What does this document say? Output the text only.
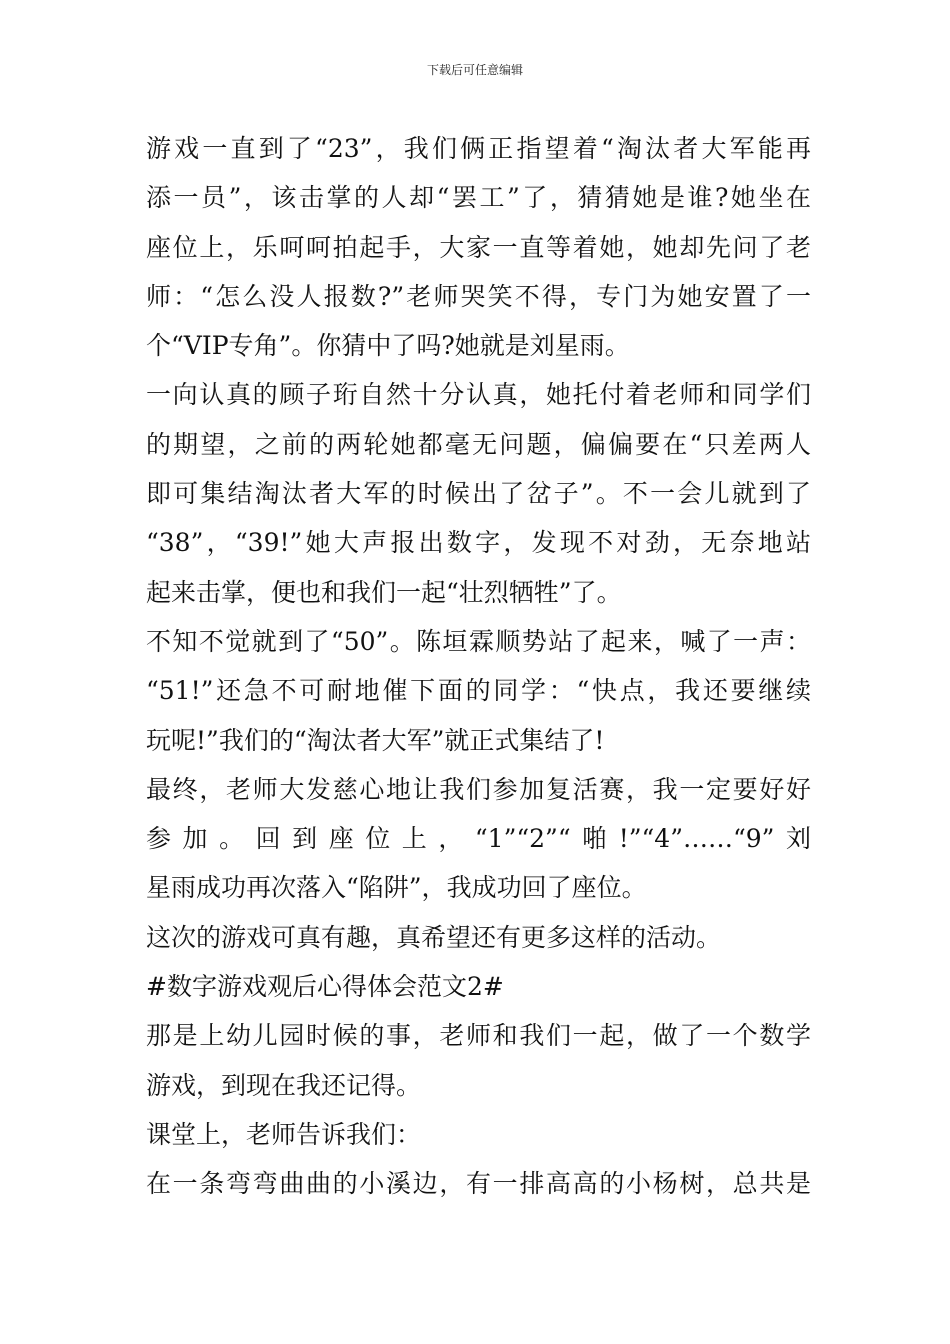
下载后可任意编辑
游戏一直到了“23”，我们俩正指望着“淘汰者大军能再
添一员”，该击掌的人却“罢工”了，猜猜她是谁?她坐在
座位上，乐呵呵拍起手，大家一直等着她，她却先问了老
师：“怎么没人报数?”老师哭笑不得，专门为她安置了一
个“VIP专角”。你猜中了吗?她就是刘星雨。
一向认真的顾子珩自然十分认真，她托付着老师和同学们
的期望，之前的两轮她都毫无问题，偏偏要在“只差两人
即可集结淘汰者大军的时候出了岔子”。不一会儿就到了
“38”，“39!”她大声报出数字，发现不对劲，无奈地站
起来击掌，便也和我们一起“壮烈牺牲”了。
不知不觉就到了“50”。陈垣霖顺势站了起来，喊了一声：
“51!”还急不可耐地催下面的同学：“快点，我还要继续
玩呢!”我们的“淘汰者大军”就正式集结了!
最终，老师大发慈心地让我们参加复活赛，我一定要好好
参加。回到座位上，“1”“2”“啪!”“4”……“9”刘
星雨成功再次落入“陷阱”，我成功回了座位。
这次的游戏可真有趣，真希望还有更多这样的活动。
#数字游戏观后心得体会范文2#
那是上幼儿园时候的事，老师和我们一起，做了一个数学
游戏，到现在我还记得。
课堂上，老师告诉我们：
在一条弯弯曲曲的小溪边，有一排高高的小杨树，总共是
